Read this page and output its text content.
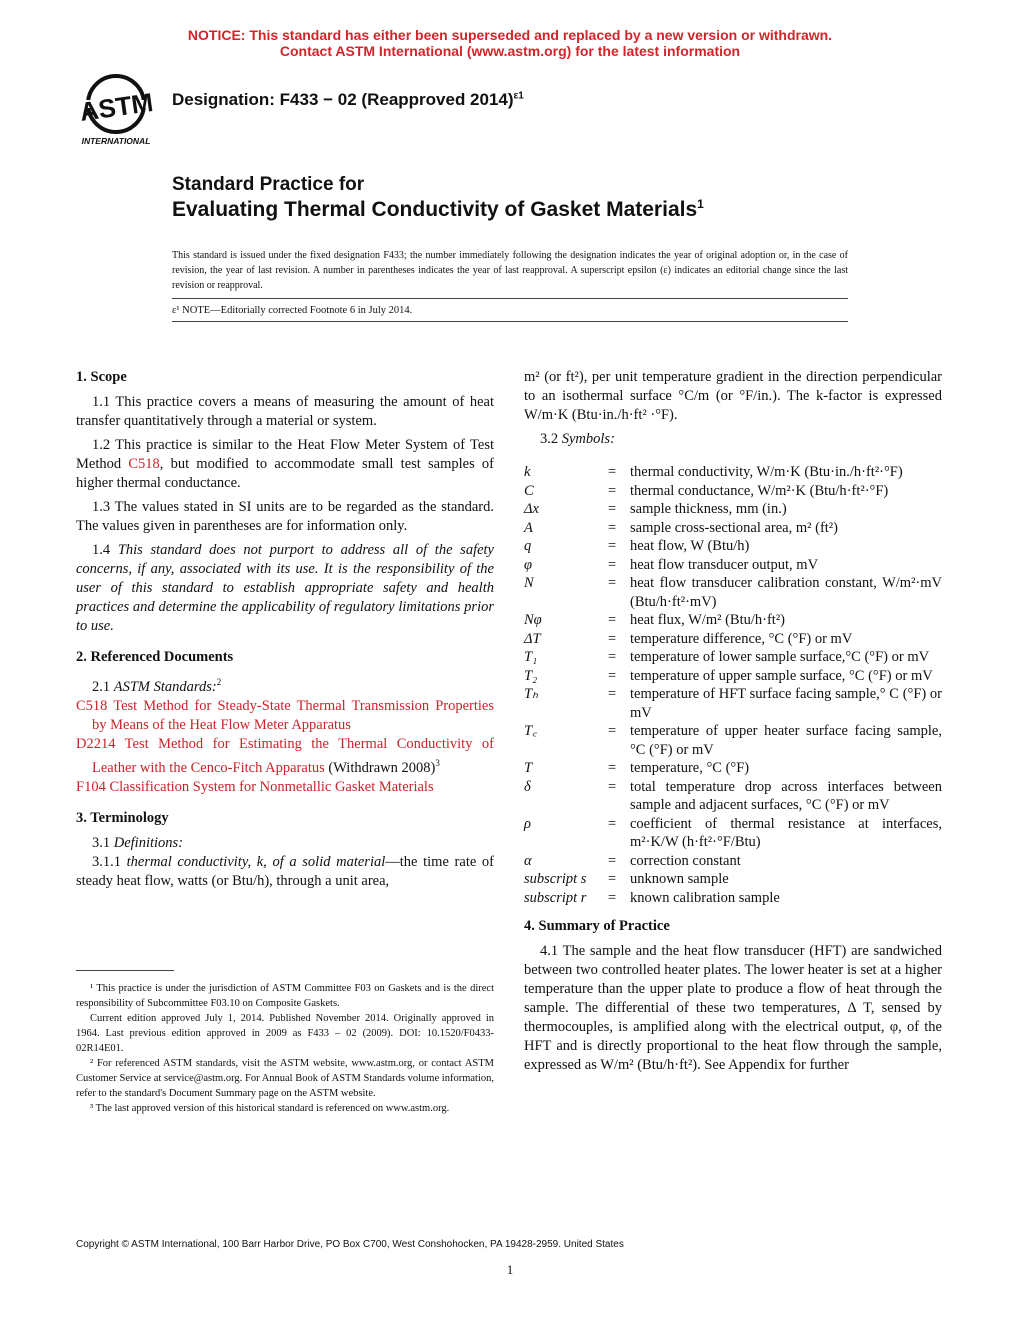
NOTICE: This standard has either been superseded and replaced by a new version or withdrawn.
Contact ASTM International (www.astm.org) for the latest information
ASTM
INTERNATIONAL
Designation: F433 − 02 (Reapproved 2014)$^{\varepsilon 1}$
Standard Practice for
Evaluating Thermal Conductivity of Gasket Materials$^1$
This standard is issued under the fixed designation F433; the number immediately following the designation indicates the year of original adoption or, in the case of revision, the year of last revision. A number in parentheses indicates the year of last reapproval. A superscript epsilon (ε) indicates an editorial change since the last revision or reapproval.
ε¹ NOTE—Editorially corrected Footnote 6 in July 2014.

1. Scope

1.1 This practice covers a means of measuring the amount of heat transfer quantitatively through a material or system.

1.2 This practice is similar to the Heat Flow Meter System of Test Method C518, but modified to accommodate small test samples of higher thermal conductance.

1.3 The values stated in SI units are to be regarded as the standard. The values given in parentheses are for information only.

1.4 This standard does not purport to address all of the safety concerns, if any, associated with its use. It is the responsibility of the user of this standard to establish appropriate safety and health practices and determine the applicability of regulatory limitations prior to use.

2. Referenced Documents

2.1 ASTM Standards:$^2$

C518 Test Method for Steady-State Thermal Transmission Properties by Means of the Heat Flow Meter Apparatus

D2214 Test Method for Estimating the Thermal Conductivity of Leather with the Cenco-Fitch Apparatus (Withdrawn 2008)$^3$

F104 Classification System for Nonmetallic Gasket Materials

3. Terminology

3.1 Definitions:

3.1.1 thermal conductivity, k, of a solid material—the time rate of steady heat flow, watts (or Btu/h), through a unit area,

¹ This practice is under the jurisdiction of ASTM Committee F03 on Gaskets and is the direct responsibility of Subcommittee F03.10 on Composite Gaskets.

Current edition approved July 1, 2014. Published November 2014. Originally approved in 1964. Last previous edition approved in 2009 as F433 – 02 (2009). DOI: 10.1520/F0433-02R14E01.

² For referenced ASTM standards, visit the ASTM website, www.astm.org, or contact ASTM Customer Service at service@astm.org. For Annual Book of ASTM Standards volume information, refer to the standard's Document Summary page on the ASTM website.

³ The last approved version of this historical standard is referenced on www.astm.org.

m² (or ft²), per unit temperature gradient in the direction perpendicular to an isothermal surface °C/m (or °F/in.). The k-factor is expressed W/m·K (Btu·in./h·ft² ·°F).

3.2 Symbols:

k	= thermal conductivity, W/m·K (Btu·in./h·ft²·°F)
C	= thermal conductance, W/m²·K (Btu/h·ft²·°F)
Δx	= sample thickness, mm (in.)
A	= sample cross-sectional area, m² (ft²)
q	= heat flow, W (Btu/h)
φ	= heat flow transducer output, mV
N	= heat flow transducer calibration constant, W/m²·mV (Btu/h·ft²·mV)
Nφ	= heat flux, W/m² (Btu/h·ft²)
ΔT	= temperature difference, °C (°F) or mV
T₁	= temperature of lower sample surface,°C (°F) or mV
T₂	= temperature of upper sample surface, °C (°F) or mV
Tₕ	= temperature of HFT surface facing sample,° C (°F) or mV
T꜀	= temperature of upper heater surface facing sample, °C (°F) or mV
T	= temperature, °C (°F)
δ	= total temperature drop across interfaces between sample and adjacent surfaces, °C (°F) or mV
ρ	= coefficient of thermal resistance at interfaces, m²·K/W (h·ft²·°F/Btu)
α	= correction constant
subscript s	= unknown sample
subscript r	= known calibration sample

4. Summary of Practice

4.1 The sample and the heat flow transducer (HFT) are sandwiched between two controlled heater plates. The lower heater is set at a higher temperature than the upper plate to produce a flow of heat through the sample. The differential of these two temperatures, Δ T, sensed by thermocouples, is amplified along with the electrical output, φ, of the HFT and is directly proportional to the heat flow through the sample, expressed as W/m² (Btu/h·ft²). See Appendix for further

Copyright © ASTM International, 100 Barr Harbor Drive, PO Box C700, West Conshohocken, PA 19428-2959. United States
1
